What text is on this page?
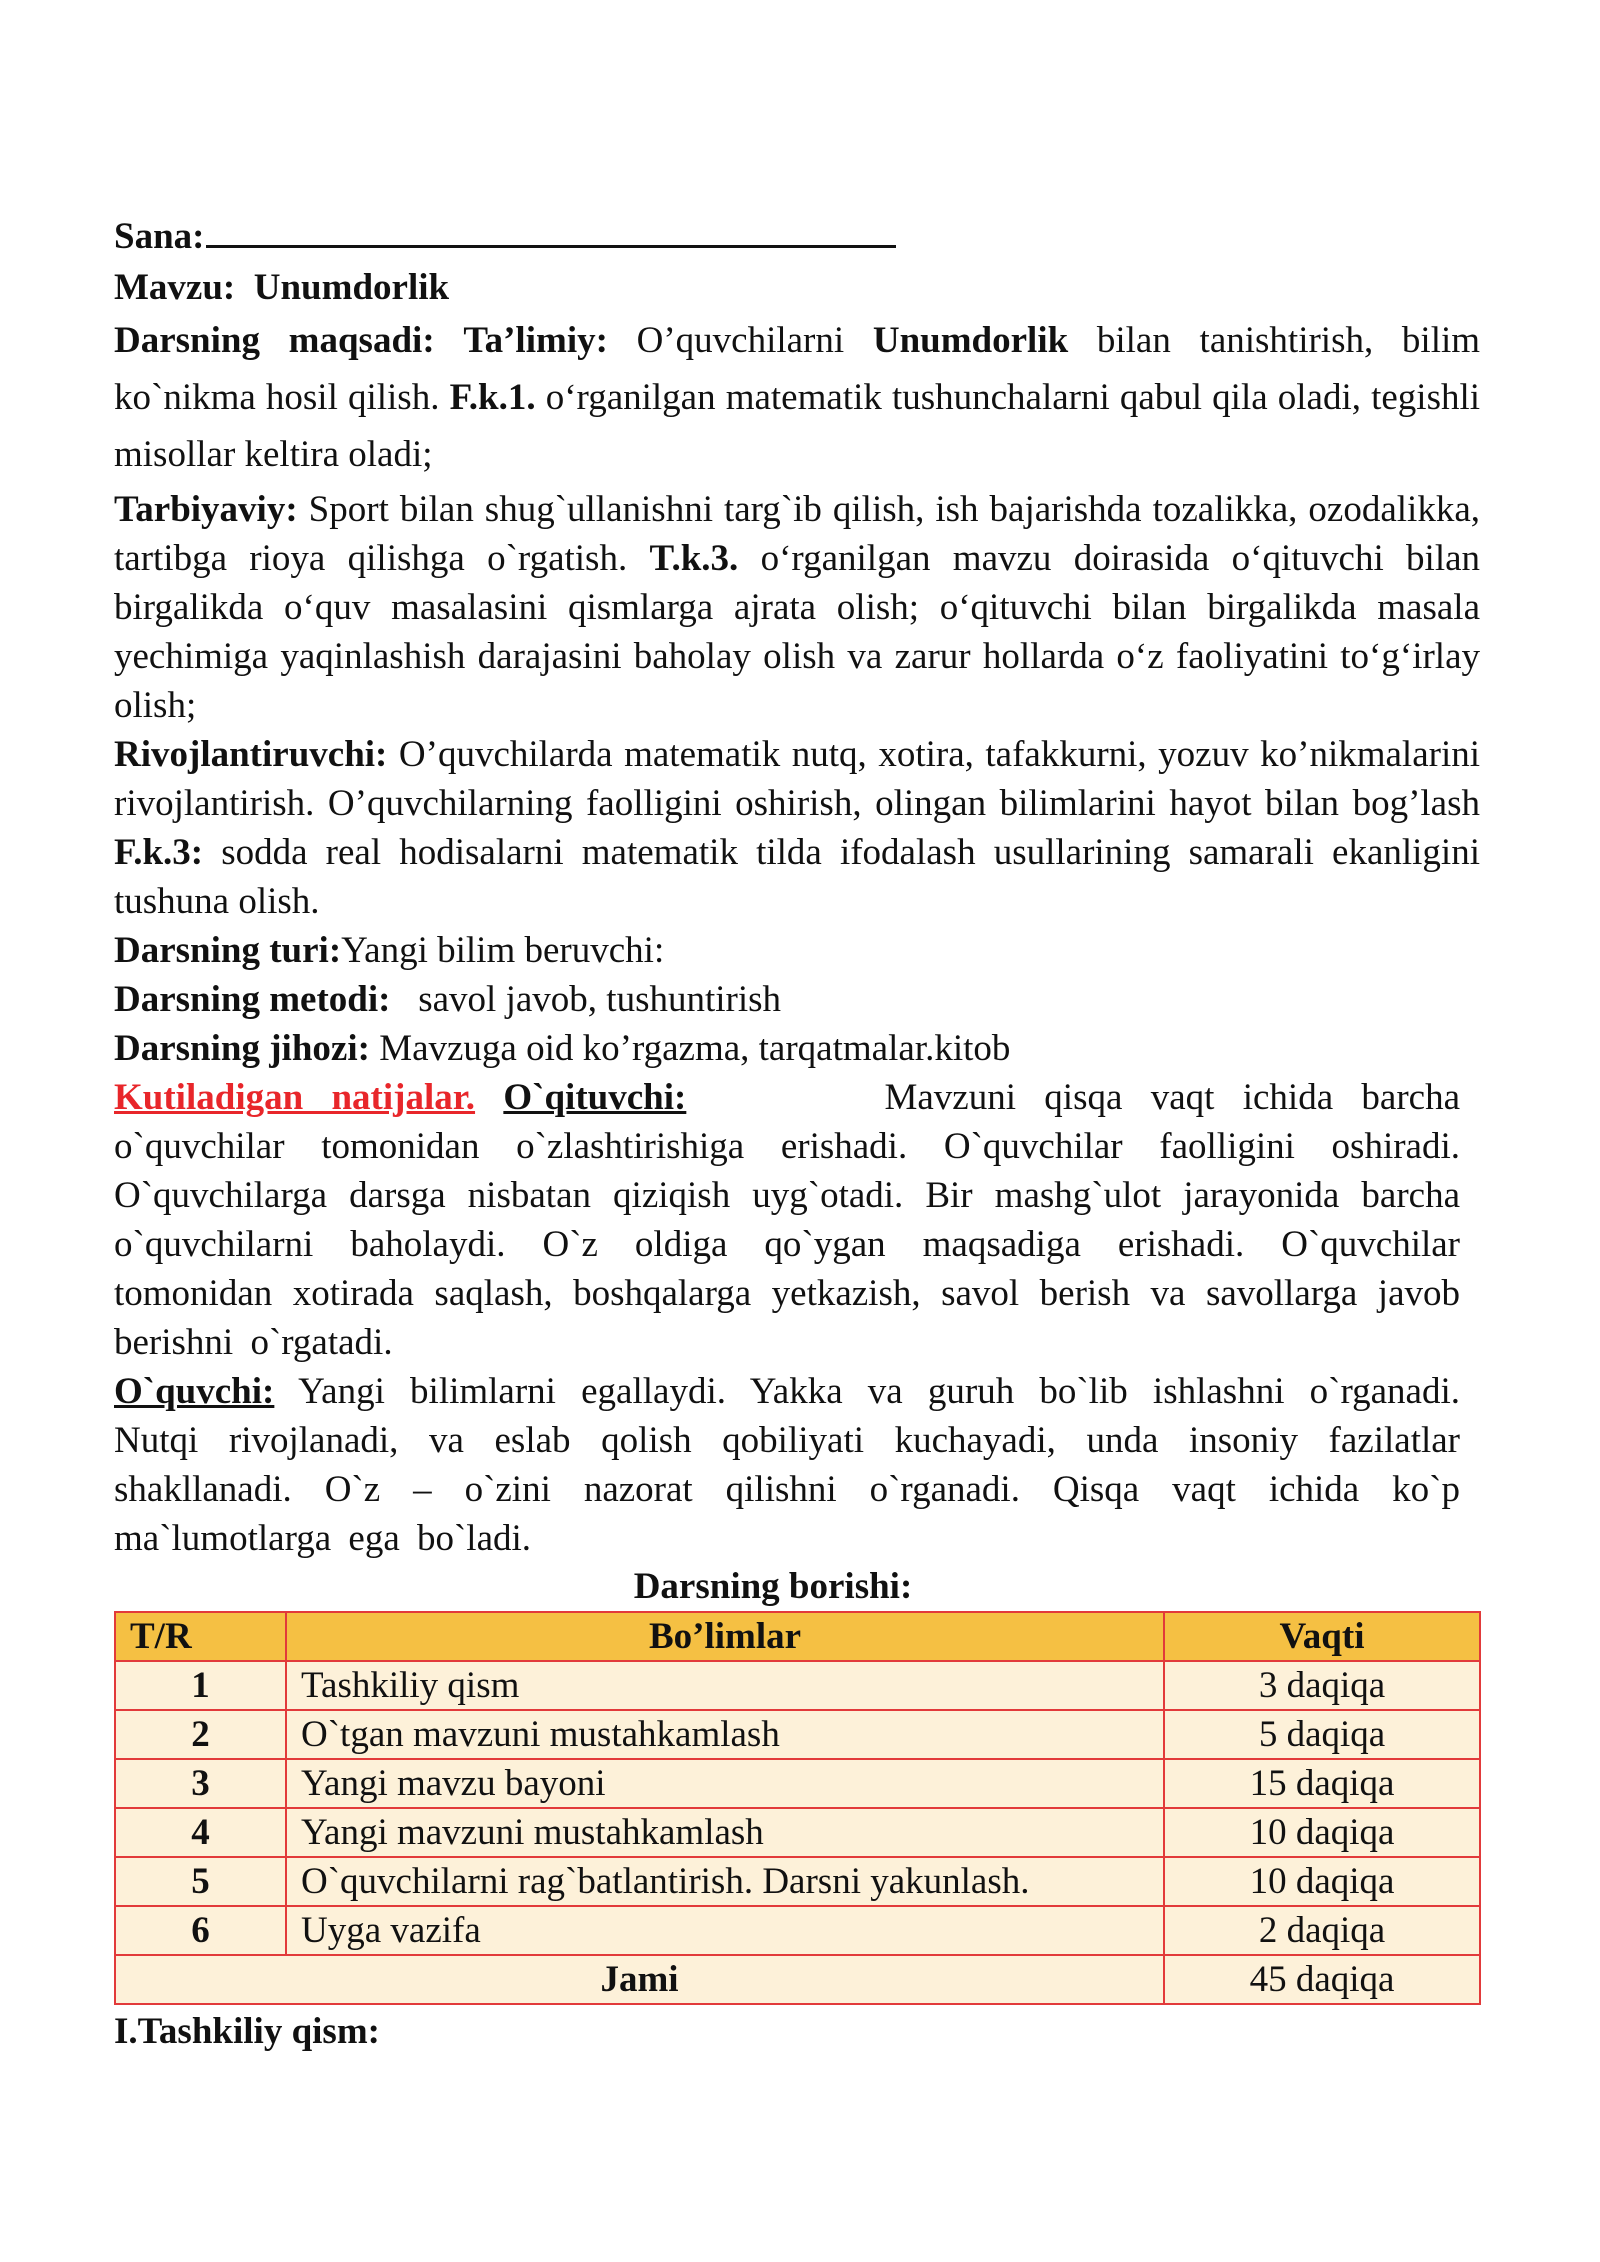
Sana:

Mavzu: Unumdorlik

Darsning maqsadi: Ta’limiy: O’quvchilarni Unumdorlik bilan tanishtirish, bilim ko`nikma hosil qilish. F.k.1. o‘rganilgan matematik tushunchalarni qabul qila oladi, tegishli misollar keltira oladi;

Tarbiyaviy: Sport bilan shug`ullanishni targ`ib qilish, ish bajarishda tozalikka, ozodalikka, tartibga rioya qilishga o`rgatish. T.k.3. o‘rganilgan mavzu doirasida o‘qituvchi bilan birgalikda o‘quv masalasini qismlarga ajrata olish; o‘qituvchi bilan birgalikda masala yechimiga yaqinlashish darajasini baholay olish va zarur hollarda o‘z faoliyatini to‘g‘irlay olish;

Rivojlantiruvchi: O’quvchilarda matematik nutq, xotira, tafakkurni, yozuv ko’nikmalarini rivojlantirish. O’quvchilarning faolligini oshirish, olingan bilimlarini hayot bilan bog’lash F.k.3: sodda real hodisalarni matematik tilda ifodalash usullarining samarali ekanligini tushuna olish.

Darsning turi:Yangi bilim beruvchi:

Darsning metodi: savol javob, tushuntirish

Darsning jihozi: Mavzuga oid ko’rgazma, tarqatmalar.kitob

Kutiladigan natijalar. O`qituvchi:	Mavzuni qisqa vaqt ichida barcha o`quvchilar tomonidan o`zlashtirishiga erishadi. O`quvchilar faolligini oshiradi. O`quvchilarga darsga nisbatan qiziqish uyg`otadi. Bir mashg`ulot jarayonida barcha o`quvchilarni baholaydi. O`z oldiga qo`ygan maqsadiga erishadi. O`quvchilar tomonidan xotirada saqlash, boshqalarga yetkazish, savol berish va savollarga javob berishni o`rgatadi.

O`quvchi: Yangi bilimlarni egallaydi. Yakka va guruh bo`lib ishlashni o`rganadi. Nutqi rivojlanadi, va eslab qolish qobiliyati kuchayadi, unda insoniy fazilatlar shakllanadi. O`z – o`zini nazorat qilishni o`rganadi. Qisqa vaqt ichida ko`p ma`lumotlarga ega bo`ladi.

Darsning borishi:

T/R	Bo’limlar	Vaqti
1	Tashkiliy qism	3 daqiqa
2	O`tgan mavzuni mustahkamlash	5 daqiqa
3	Yangi mavzu bayoni	15 daqiqa
4	Yangi mavzuni mustahkamlash	10 daqiqa
5	O`quvchilarni rag`batlantirish. Darsni yakunlash.	10 daqiqa
6	Uyga vazifa	2 daqiqa
Jami		45 daqiqa

I.Tashkiliy qism:
